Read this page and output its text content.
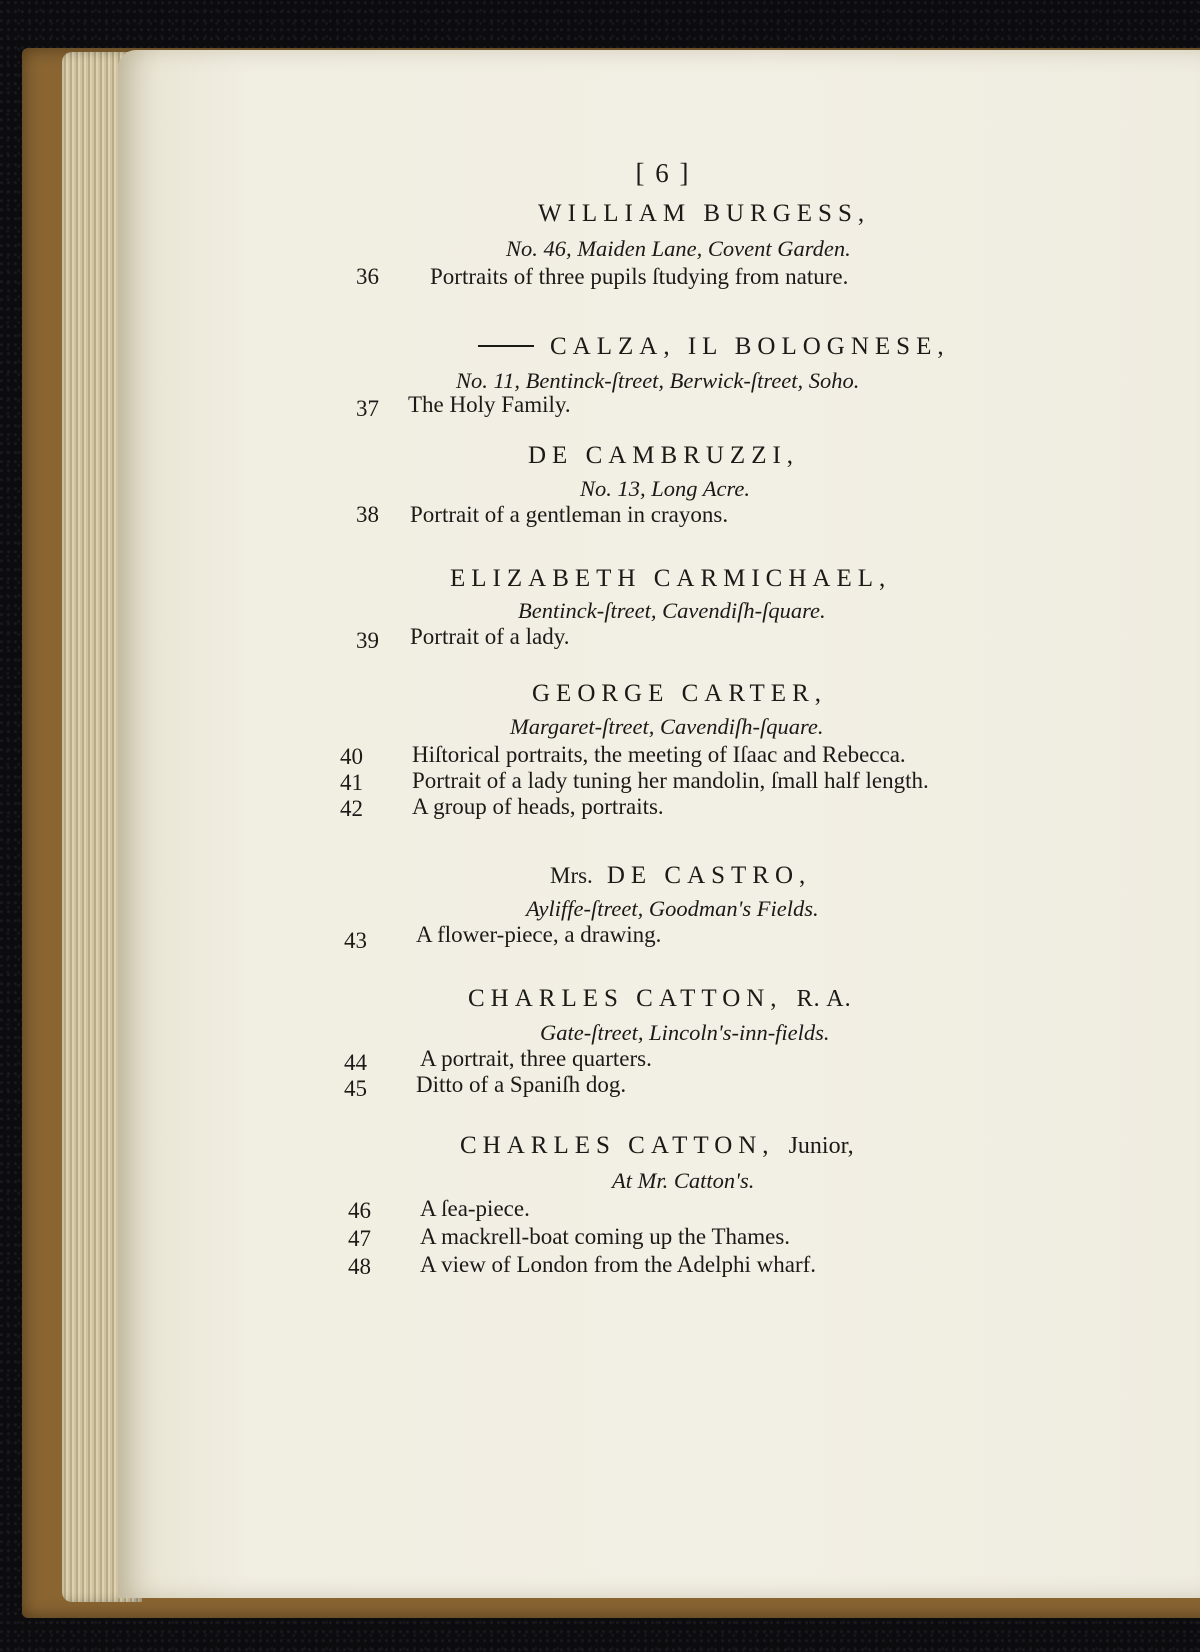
[ 6 ]
WILLIAM BURGESS,
No. 46, Maiden Lane, Covent Garden.
36	Portraits of three pupils ſtudying from nature.
CALZA, IL BOLOGNESE,
No. 11, Bentinck-ſtreet, Berwick-ſtreet, Soho.
37	The Holy Family.
DE CAMBRUZZI,
No. 13, Long Acre.
38	Portrait of a gentleman in crayons.
ELIZABETH CARMICHAEL,
Bentinck-ſtreet, Cavendiſh-ſquare.
39	Portrait of a lady.
GEORGE CARTER,
Margaret-ſtreet, Cavendiſh-ſquare.
40	Hiſtorical portraits, the meeting of Iſaac and Rebecca.
41	Portrait of a lady tuning her mandolin, ſmall half length.
42	A group of heads, portraits.
Mrs. DE CASTRO,
Ayliffe-ſtreet, Goodman's Fields.
43	A flower-piece, a drawing.
CHARLES CATTON, R. A.
Gate-ſtreet, Lincoln's-inn-fields.
44	A portrait, three quarters.
45	Ditto of a Spaniſh dog.
CHARLES CATTON, Junior,
At Mr. Catton's.
46	A ſea-piece.
47	A mackrell-boat coming up the Thames.
48	A view of London from the Adelphi wharf.
